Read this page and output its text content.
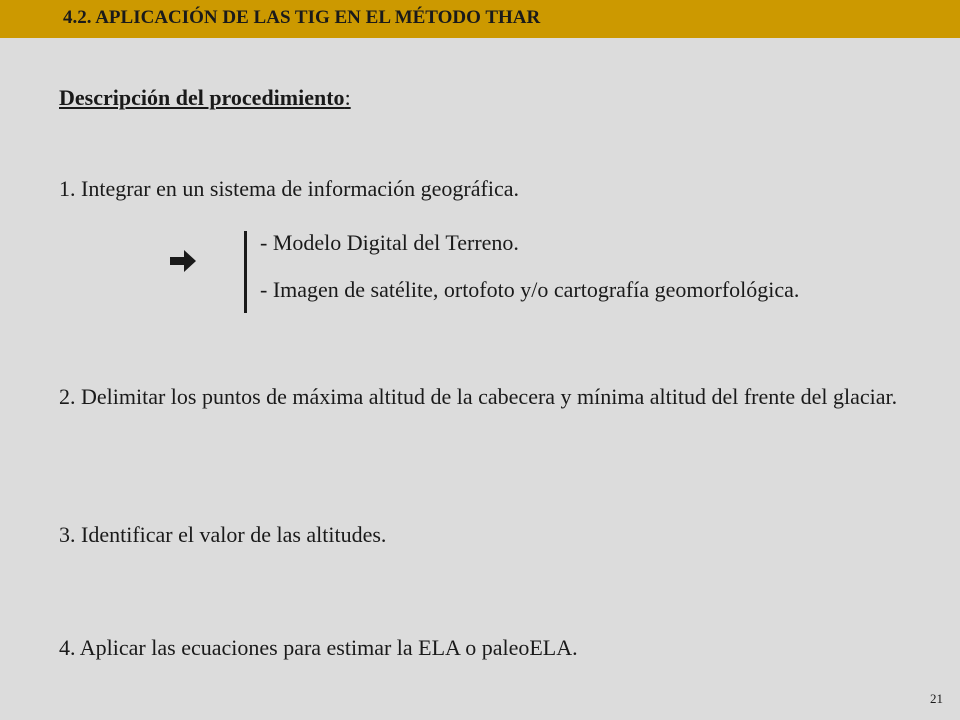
4.2. APLICACIÓN DE LAS TIG EN EL MÉTODO THAR
Descripción del procedimiento:
1. Integrar en un sistema de información geográfica.
- Modelo Digital del Terreno.
- Imagen de satélite, ortofoto y/o cartografía geomorfológica.
2. Delimitar los puntos de máxima altitud de la cabecera y mínima altitud del frente del glaciar.
3. Identificar el valor de las altitudes.
4. Aplicar las ecuaciones para estimar la ELA o paleoELA.
21
